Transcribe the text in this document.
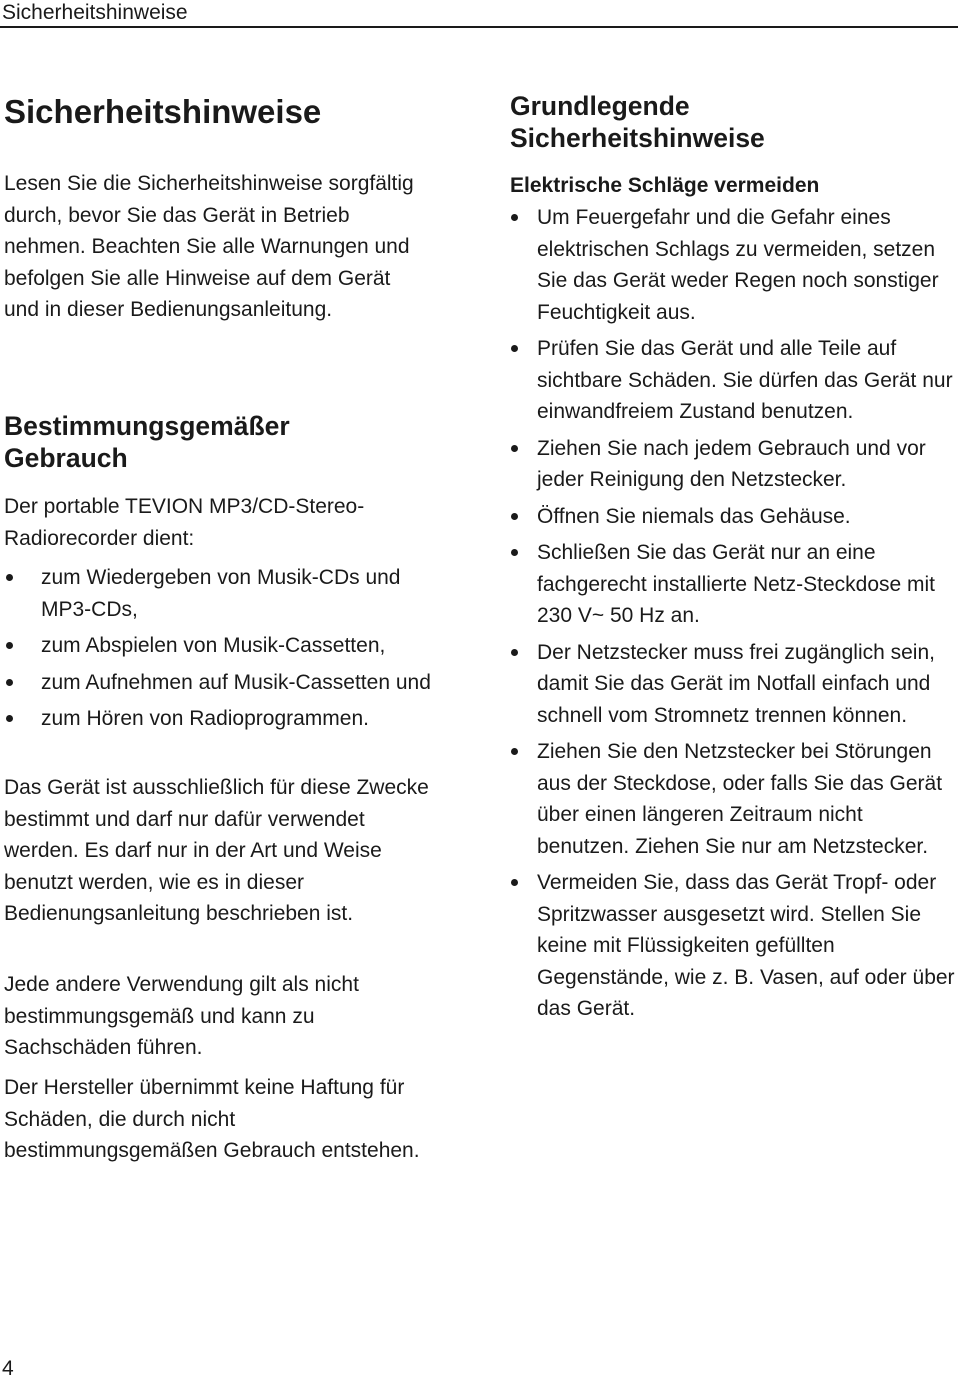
Sicherheitshinweise
Sicherheitshinweise

Lesen Sie die Sicherheitshinweise sorgfältig durch, bevor Sie das Gerät in Betrieb nehmen. Beachten Sie alle Warnungen und befolgen Sie alle Hinweise auf dem Gerät und in dieser Bedienungsanleitung.

Bestimmungsgemäßer Gebrauch

Der portable TEVION MP3/CD-Stereo-Radiorecorder dient:

zum Wiedergeben von Musik-CDs und MP3-CDs,
zum Abspielen von Musik-Cassetten,
zum Aufnehmen auf Musik-Cassetten und
zum Hören von Radioprogrammen.

Das Gerät ist ausschließlich für diese Zwecke bestimmt und darf nur dafür verwendet werden. Es darf nur in der Art und Weise benutzt werden, wie es in dieser Bedienungsanleitung beschrieben ist.

Jede andere Verwendung gilt als nicht bestimmungsgemäß und kann zu Sachschäden führen.

Der Hersteller übernimmt keine Haftung für Schäden, die durch nicht bestimmungsgemäßen Gebrauch entstehen.

Grundlegende Sicherheitshinweise
Elektrische Schläge vermeiden
Um Feuergefahr und die Gefahr eines elektrischen Schlags zu vermeiden, setzen Sie das Gerät weder Regen noch sonstiger Feuchtigkeit aus.
Prüfen Sie das Gerät und alle Teile auf sichtbare Schäden. Sie dürfen das Gerät nur einwandfreiem Zustand benutzen.
Ziehen Sie nach jedem Gebrauch und vor jeder Reinigung den Netzstecker.
Öffnen Sie niemals das Gehäuse.
Schließen Sie das Gerät nur an eine fachgerecht installierte Netz-Steckdose mit 230 V~ 50 Hz an.
Der Netzstecker muss frei zugänglich sein, damit Sie das Gerät im Notfall einfach und schnell vom Stromnetz trennen können.
Ziehen Sie den Netzstecker bei Störungen aus der Steckdose, oder falls Sie das Gerät über einen längeren Zeitraum nicht benutzen. Ziehen Sie nur am Netzstecker.
Vermeiden Sie, dass das Gerät Tropf- oder Spritzwasser ausgesetzt wird. Stellen Sie keine mit Flüssigkeiten gefüllten Gegenstände, wie z. B. Vasen, auf oder über das Gerät.
4
